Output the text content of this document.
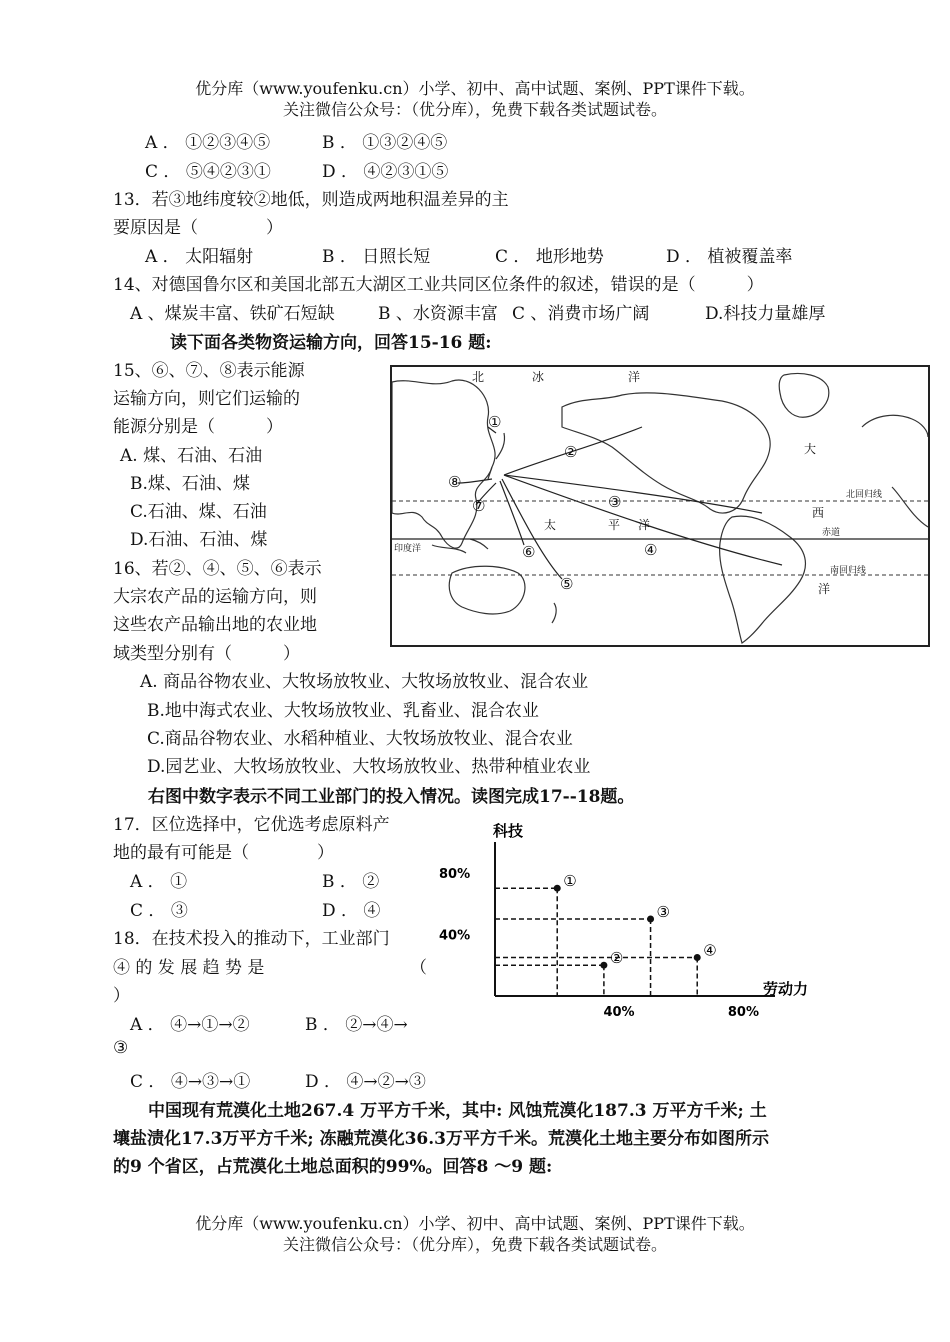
优分库（www.youfenku.cn）小学、初中、高中试题、案例、PPT课件下载。
关注微信公众号：（优分库），免费下载各类试题试卷。
A ． ①②③④⑤	B ． ①③②④⑤
C ． ⑤④②③①	D ． ④②③①⑤
13．若③地纬度较②地低，则造成两地积温差异的主
要原因是（　　　　）
A ． 太阳辐射	B ． 日照长短	C ． 地形地势	D ． 植被覆盖率
14、对德国鲁尔区和美国北部五大湖区工业共同区位条件的叙述，错误的是（　　　）
A 、煤炭丰富、铁矿石短缺	B 、水资源丰富 C 、消费市场广阔	D.科技力量雄厚
读下面各类物资运输方向，回答15-16 题:
15、⑥、⑦、⑧表示能源
运输方向，则它们运输的
能源分别是（　　　）
A. 煤、石油、石油
B.煤、石油、煤
C.石油、煤、石油
D.石油、石油、煤
16、若②、④、⑤、⑥表示
大宗农产品的运输方向，则
这些农产品输出地的农业地
域类型分别有（　　　）
A. 商品谷物农业、大牧场放牧业、大牧场放牧业、混合农业
B.地中海式农业、大牧场放牧业、乳畜业、混合农业
C.商品谷物农业、水稻种植业、大牧场放牧业、混合农业
D.园艺业、大牧场放牧业、大牧场放牧业、热带种植业农业
①
②
③
④
⑤
⑥
⑦
⑧
北	冰	洋
大
北回归线
西
赤道
印度洋
太	平 洋
南回归线
洋
右图中数字表示不同工业部门的投入情况。读图完成17--18题。
17．区位选择中，它优选考虑原料产
地的最有可能是（　　　　）
A ． ①	B ． ②
C ． ③	D ． ④
18．在技术投入的推动下，工业部门
④ 的 发 展 趋 势 是	（
）
A ． ④→①→②	B ． ②→④→
③
C ． ④→③→①	D ． ④→②→③
科技
劳动力
80%
40%
40%	80%
①
②
③
④
中国现有荒漠化土地267.4 万平方千米，其中: 风蚀荒漠化187.3 万平方千米; 土
壤盐渍化17.3万平方千米; 冻融荒漠化36.3万平方千米。荒漠化土地主要分布如图所示
的9 个省区，占荒漠化土地总面积的99%。回答8 ～9 题:
优分库（www.youfenku.cn）小学、初中、高中试题、案例、PPT课件下载。
关注微信公众号：（优分库），免费下载各类试题试卷。
